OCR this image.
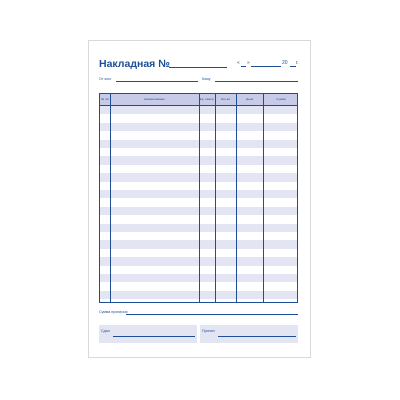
Накладная №	« »	20 г.
От кого	Кому
№ п/п	Наименование	Ед. измер.	Кол-во	Цена	Сумма
Сумма прописью
Сдал	Принял
